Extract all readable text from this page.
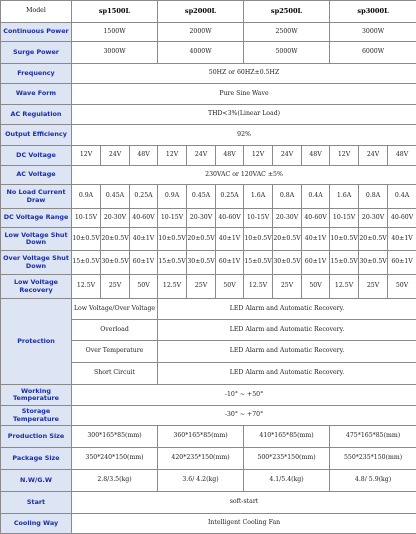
Model	sp1500L			sp2000L			sp2500L			sp3000L		
Continuous Power	1500W			2000W			2500W			3000W		
Surge Power	3000W			4000W			5000W			6000W		
Frequency	50HZ or 60HZ±0.5HZ											
Wave Form	Pure Sine Wave											
AC Regulation	THD<3%(Linear Load)											
Output Efficiency	92%											
DC Voltage	12V	24V	48V	12V	24V	48V	12V	24V	48V	12V	24V	48V
AC Voltage	230VAC or 120VAC ±5%											
No Load Current Draw	0.9A	0.45A	0.25A	0.9A	0.45A	0.25A	1.6A	0.8A	0.4A	1.6A	0.8A	0.4A
DC Voltage Range	10-15V	20-30V	40-60V	10-15V	20-30V	40-60V	10-15V	20-30V	40-60V	10-15V	20-30V	40-60V
Low Voltage Shut Down	10±0.5V	20±0.5V	40±1V	10±0.5V	20±0.5V	40±1V	10±0.5V	20±0.5V	40±1V	10±0.5V	20±0.5V	40±1V
Over Voltage Shut Down	15±0.5V	30±0.5V	60±1V	15±0.5V	30±0.5V	60±1V	15±0.5V	30±0.5V	60±1V	15±0.5V	30±0.5V	60±1V
Low Voltage Recovery	12.5V	25V	50V	12.5V	25V	50V	12.5V	25V	50V	12.5V	25V	50V
Protection	Low Voltage/Over Voltage			LED Alarm and Automatic Recovery.								
	Overload			LED Alarm and Automatic Recovery.								
	Over Temperature			LED Alarm and Automatic Recovery.								
	Short Circuit			LED Alarm and Automatic Recovery.								
Working Temperature	-10° ~ +50°											
Storage Temperature	-30° ~ +70°											
Production Size	300*165*85(mm)			360*165*85(mm)			410*165*85(mm)			475*165*85(mm)		
Package Size	350*240*150(mm)			420*235*150(mm)			500*235*150(mm)			550*235*150(mm)		
N.W/G.W	2.8/3.5(kg)			3.6/ 4.2(kg)			4.1/5.4(kg)			4.8/ 5.9(kg)		
Start	soft-start											
Cooling Way	Intelligent Cooling Fan											
